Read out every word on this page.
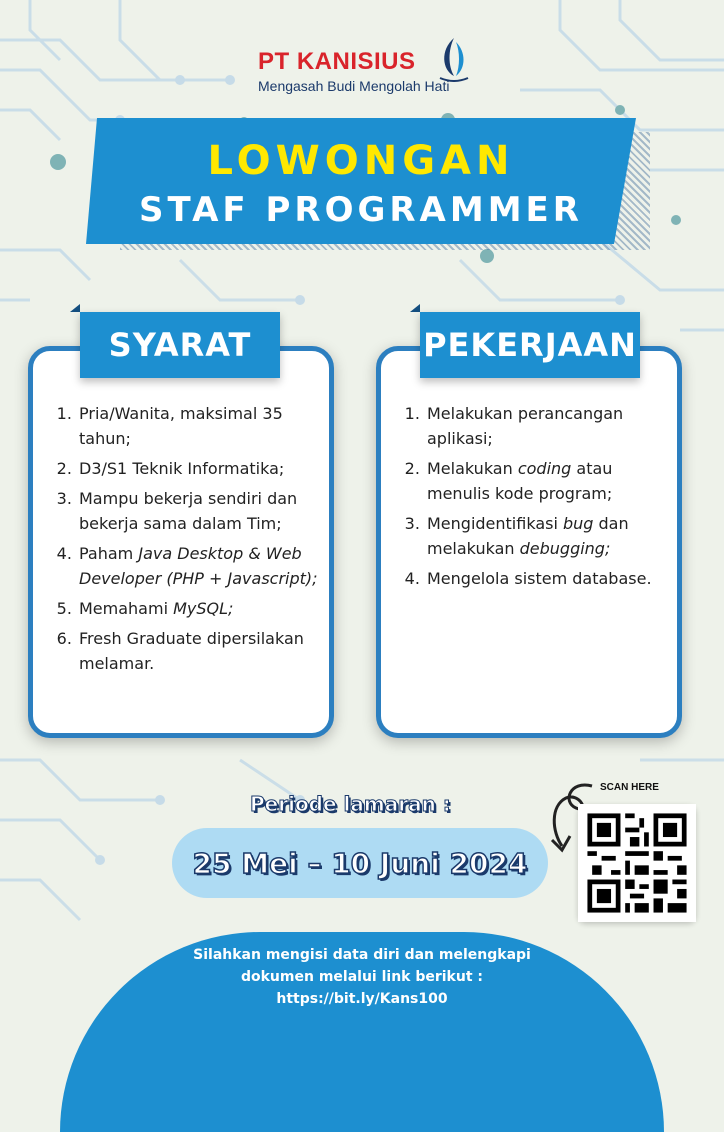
PT KANISIUS
Mengasah Budi Mengolah Hati
LOWONGAN
STAF PROGRAMMER
1. Pria/Wanita, maksimal 35 tahun;
2. D3/S1 Teknik Informatika;
3. Mampu bekerja sendiri dan bekerja sama dalam Tim;
4. Paham Java Desktop & Web Developer (PHP + Javascript);
5. Memahami MySQL;
6. Fresh Graduate dipersilakan melamar.
1. Melakukan perancangan aplikasi;
2. Melakukan coding atau menulis kode program;
3. Mengidentifikasi bug dan melakukan debugging;
4. Mengelola sistem database.
SYARAT	PEKERJAAN
Periode lamaran :
25 Mei – 10 Juni 2024
SCAN HERE
Silahkan mengisi data diri dan melengkapi
dokumen melalui link berikut :
https://bit.ly/Kans100
